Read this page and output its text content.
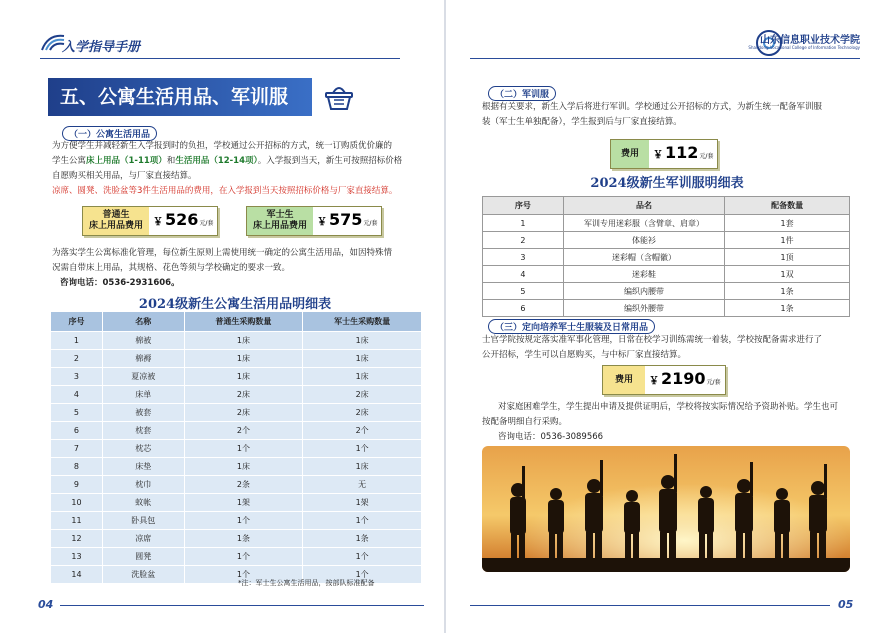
入学指导手册
五、公寓生活用品、军训服
（一）公寓生活用品
为方便学生并减轻新生入学报到时的负担，学校通过公开招标的方式，统一订购质优价廉的
学生公寓床上用品（1-11项）和生活用品（12-14项）。入学报到当天，新生可按照招标价格
自愿购买相关用品，与厂家直接结算。
凉席、圆凳、洗脸盆等3件生活用品的费用，在入学报到当天按照招标价格与厂家直接结算。
普通生
床上用品费用 ￥ 526 元/套
军士生
床上用品费用 ￥ 575 元/套
为落实学生公寓标准化管理，每位新生原则上需使用统一确定的公寓生活用品，如因特殊情
况需自带床上用品，其规格、花色等须与学校确定的要求一致。
咨询电话：0536-2931606。
2024级新生公寓生活用品明细表
序号	名称	普通生采购数量	军士生采购数量
1	棉被	1床	1床
2	棉褥	1床	1床
3	夏凉被	1床	1床
4	床单	2床	2床
5	被套	2床	2床
6	枕套	2个	2个
7	枕芯	1个	1个
8	床垫	1床	1床
9	枕巾	2条	无
10	蚊帐	1架	1架
11	卧具包	1个	1个
12	凉席	1条	1条
13	圆凳	1个	1个
14	洗脸盆	1个	1个
*注：军士生公寓生活用品，按部队标准配备
04
山东信息职业技术学院
Shandong Vocational College of Information Technology
（二）军训服
根据有关要求，新生入学后将进行军训。学校通过公开招标的方式，为新生统一配备军训服
装（军士生单独配备），学生报到后与厂家直接结算。
费用	￥ 112 元/套
2024级新生军训服明细表
序号	品名	配备数量
1	军训专用迷彩服（含臂章、肩章）	1套
2	体能衫	1件
3	迷彩帽（含帽徽）	1顶
4	迷彩鞋	1双
5	编织内腰带	1条
6	编织外腰带	1条
（三）定向培养军士生服装及日常用品
士官学院按规定落实准军事化管理，日常在校学习训练需统一着装，学校按配备需求进行了
公开招标，学生可以自愿购买，与中标厂家直接结算。
费用	￥ 2190 元/套
对家庭困难学生，学生提出申请及提供证明后，学校将按实际情况给予资助补贴。学生也可
按配备明细自行采购。
咨询电话：0536-3089566
05
